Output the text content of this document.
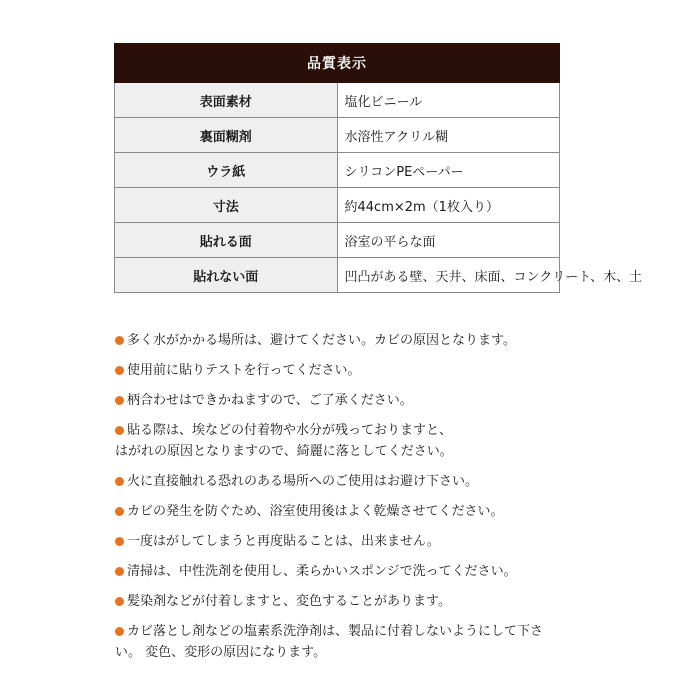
品質表示	
表面素材	塩化ビニール
裏面糊剤	水溶性アクリル糊
ウラ紙	シリコンPEペーパー
寸法	約44cm×2m（1枚入り）
貼れる面	浴室の平らな面
貼れない面	凹凸がある壁、天井、床面、コンクリート、木、土
多く水がかかる場所は、避けてください。カビの原因となります。
使用前に貼りテストを行ってください。
柄合わせはできかねますので、ご了承ください。
貼る際は、埃などの付着物や水分が残っておりますと、
はがれの原因となりますので、綺麗に落としてください。
火に直接触れる恐れのある場所へのご使用はお避け下さい。
カビの発生を防ぐため、浴室使用後はよく乾燥させてください。
一度はがしてしまうと再度貼ることは、出来ません。
清掃は、中性洗剤を使用し、柔らかいスポンジで洗ってください。
髪染剤などが付着しますと、変色することがあります。
カビ落とし剤などの塩素系洗浄剤は、製品に付着しないようにして下さ
い。 変色、変形の原因になります。
